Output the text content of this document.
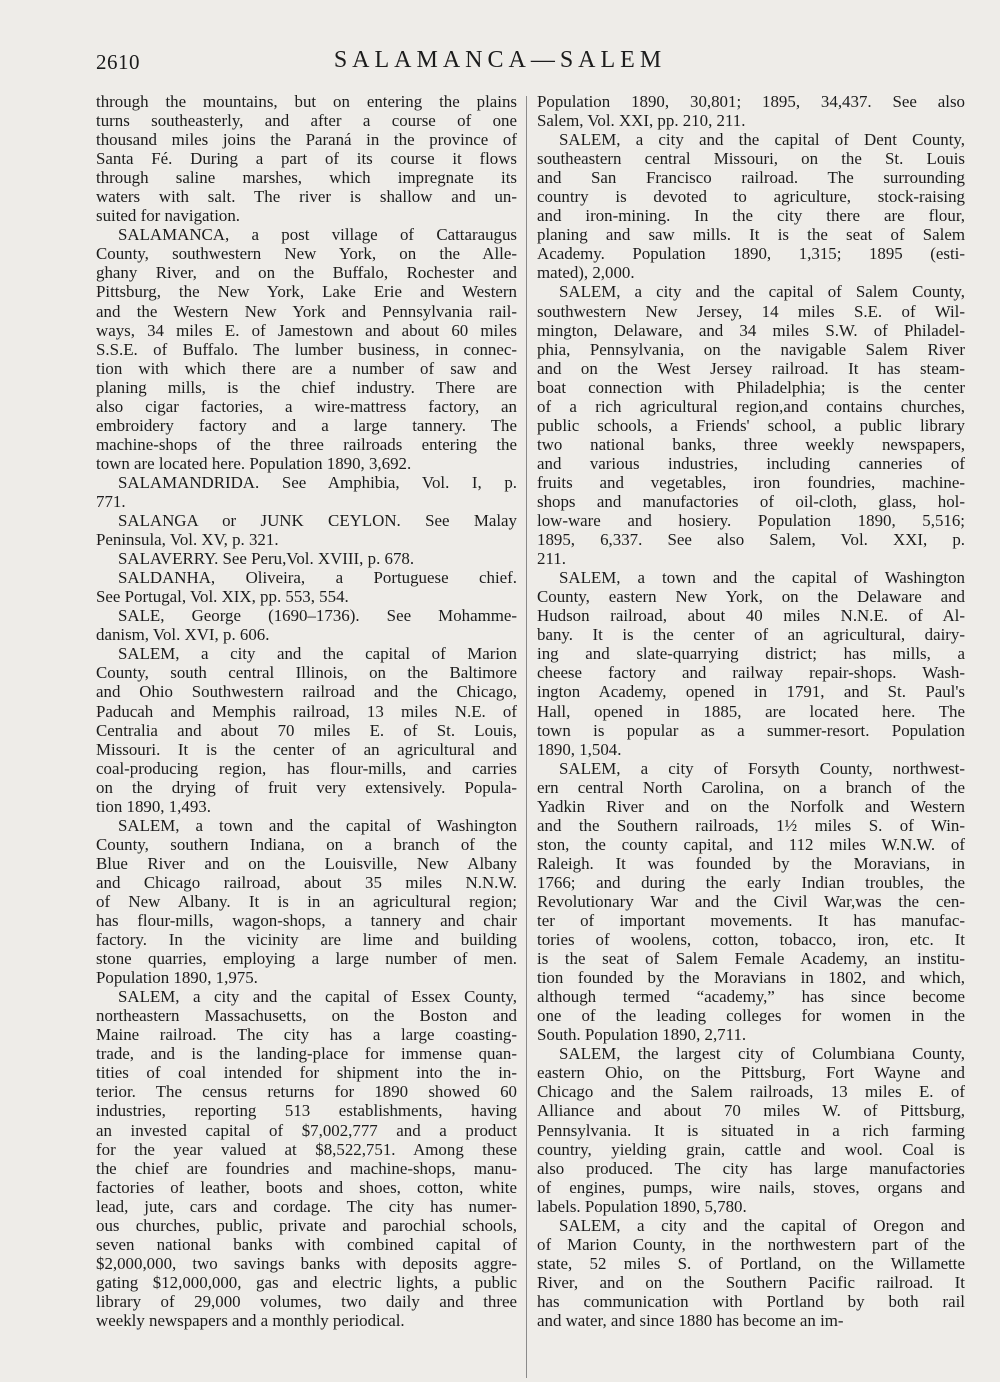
2610	SALAMANCA—SALEM
through the mountains, but on entering the plains
turns southeasterly, and after a course of one
thousand miles joins the Paraná in the province of
Santa Fé. During a part of its course it flows
through saline marshes, which impregnate its
waters with salt. The river is shallow and un-
suited for navigation.
SALAMANCA, a post village of Cattaraugus
County, southwestern New York, on the Alle-
ghany River, and on the Buffalo, Rochester and
Pittsburg, the New York, Lake Erie and Western
and the Western New York and Pennsylvania rail-
ways, 34 miles E. of Jamestown and about 60 miles
S.S.E. of Buffalo. The lumber business, in connec-
tion with which there are a number of saw and
planing mills, is the chief industry. There are
also cigar factories, a wire-mattress factory, an
embroidery factory and a large tannery. The
machine-shops of the three railroads entering the
town are located here. Population 1890, 3,692.
SALAMANDRIDA. See Amphibia, Vol. I, p.
771.
SALANGA or JUNK CEYLON. See Malay
Peninsula, Vol. XV, p. 321.
SALAVERRY. See Peru,Vol. XVIII, p. 678.
SALDANHA, Oliveira, a Portuguese chief.
See Portugal, Vol. XIX, pp. 553, 554.
SALE, George (1690–1736). See Mohamme-
danism, Vol. XVI, p. 606.
SALEM, a city and the capital of Marion
County, south central Illinois, on the Baltimore
and Ohio Southwestern railroad and the Chicago,
Paducah and Memphis railroad, 13 miles N.E. of
Centralia and about 70 miles E. of St. Louis,
Missouri. It is the center of an agricultural and
coal-producing region, has flour-mills, and carries
on the drying of fruit very extensively. Popula-
tion 1890, 1,493.
SALEM, a town and the capital of Washington
County, southern Indiana, on a branch of the
Blue River and on the Louisville, New Albany
and Chicago railroad, about 35 miles N.N.W.
of New Albany. It is in an agricultural region;
has flour-mills, wagon-shops, a tannery and chair
factory. In the vicinity are lime and building
stone quarries, employing a large number of men.
Population 1890, 1,975.
SALEM, a city and the capital of Essex County,
northeastern Massachusetts, on the Boston and
Maine railroad. The city has a large coasting-
trade, and is the landing-place for immense quan-
tities of coal intended for shipment into the in-
terior. The census returns for 1890 showed 60
industries, reporting 513 establishments, having
an invested capital of $7,002,777 and a product
for the year valued at $8,522,751. Among these
the chief are foundries and machine-shops, manu-
factories of leather, boots and shoes, cotton, white
lead, jute, cars and cordage. The city has numer-
ous churches, public, private and parochial schools,
seven national banks with combined capital of
$2,000,000, two savings banks with deposits aggre-
gating $12,000,000, gas and electric lights, a public
library of 29,000 volumes, two daily and three
weekly newspapers and a monthly periodical.
Population 1890, 30,801; 1895, 34,437. See also
Salem, Vol. XXI, pp. 210, 211.
SALEM, a city and the capital of Dent County,
southeastern central Missouri, on the St. Louis
and San Francisco railroad. The surrounding
country is devoted to agriculture, stock-raising
and iron-mining. In the city there are flour,
planing and saw mills. It is the seat of Salem
Academy. Population 1890, 1,315; 1895 (esti-
mated), 2,000.
SALEM, a city and the capital of Salem County,
southwestern New Jersey, 14 miles S.E. of Wil-
mington, Delaware, and 34 miles S.W. of Philadel-
phia, Pennsylvania, on the navigable Salem River
and on the West Jersey railroad. It has steam-
boat connection with Philadelphia; is the center
of a rich agricultural region,and contains churches,
public schools, a Friends' school, a public library
two national banks, three weekly newspapers,
and various industries, including canneries of
fruits and vegetables, iron foundries, machine-
shops and manufactories of oil-cloth, glass, hol-
low-ware and hosiery. Population 1890, 5,516;
1895, 6,337. See also Salem, Vol. XXI, p.
211.
SALEM, a town and the capital of Washington
County, eastern New York, on the Delaware and
Hudson railroad, about 40 miles N.N.E. of Al-
bany. It is the center of an agricultural, dairy-
ing and slate-quarrying district; has mills, a
cheese factory and railway repair-shops. Wash-
ington Academy, opened in 1791, and St. Paul's
Hall, opened in 1885, are located here. The
town is popular as a summer-resort. Population
1890, 1,504.
SALEM, a city of Forsyth County, northwest-
ern central North Carolina, on a branch of the
Yadkin River and on the Norfolk and Western
and the Southern railroads, 1½ miles S. of Win-
ston, the county capital, and 112 miles W.N.W. of
Raleigh. It was founded by the Moravians, in
1766; and during the early Indian troubles, the
Revolutionary War and the Civil War,was the cen-
ter of important movements. It has manufac-
tories of woolens, cotton, tobacco, iron, etc. It
is the seat of Salem Female Academy, an institu-
tion founded by the Moravians in 1802, and which,
although termed “academy,” has since become
one of the leading colleges for women in the
South. Population 1890, 2,711.
SALEM, the largest city of Columbiana County,
eastern Ohio, on the Pittsburg, Fort Wayne and
Chicago and the Salem railroads, 13 miles E. of
Alliance and about 70 miles W. of Pittsburg,
Pennsylvania. It is situated in a rich farming
country, yielding grain, cattle and wool. Coal is
also produced. The city has large manufactories
of engines, pumps, wire nails, stoves, organs and
labels. Population 1890, 5,780.
SALEM, a city and the capital of Oregon and
of Marion County, in the northwestern part of the
state, 52 miles S. of Portland, on the Willamette
River, and on the Southern Pacific railroad. It
has communication with Portland by both rail
and water, and since 1880 has become an im-
